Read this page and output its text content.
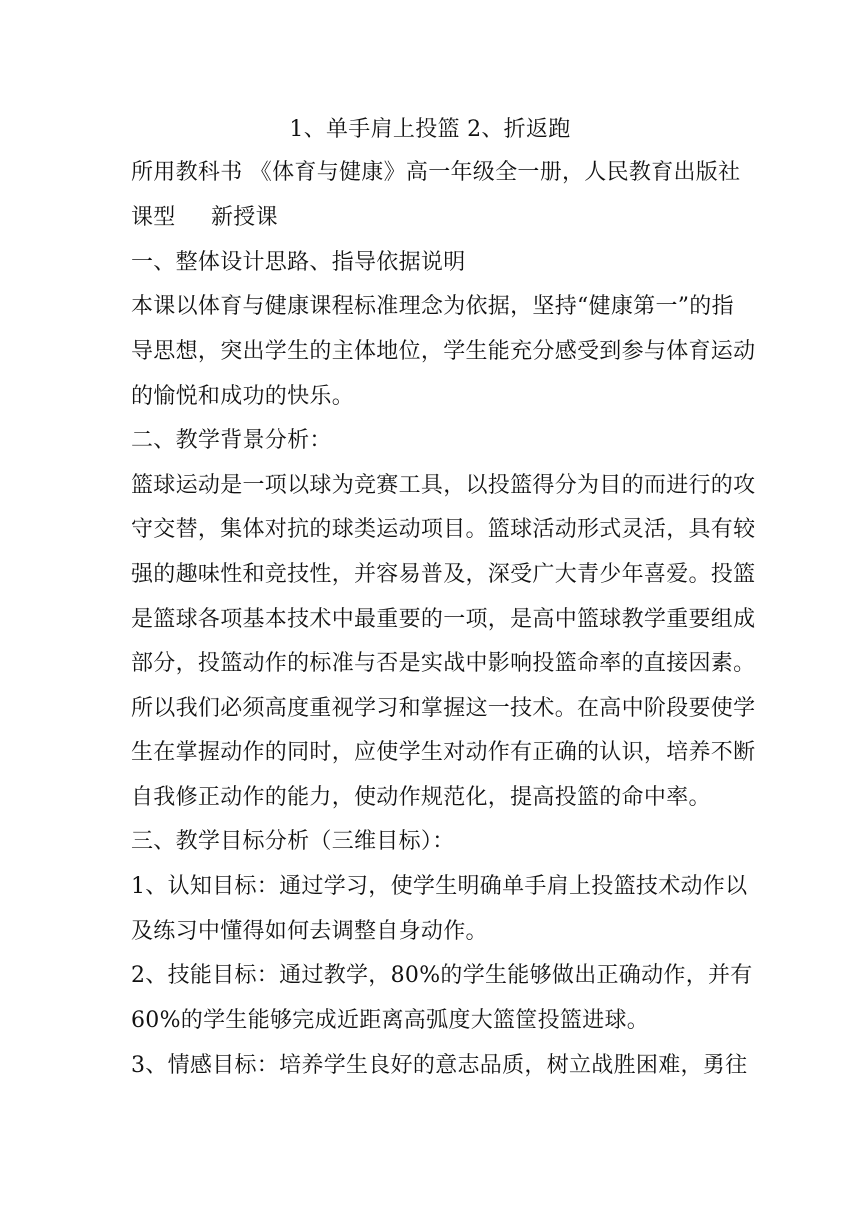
1、单手肩上投篮 2、折返跑
所用教科书 《体育与健康》高一年级全一册，人民教育出版社
课型 新授课
一、整体设计思路、指导依据说明
本课以体育与健康课程标准理念为依据，坚持“健康第一”的指
导思想，突出学生的主体地位，学生能充分感受到参与体育运动
的愉悦和成功的快乐。
二、教学背景分析：
篮球运动是一项以球为竞赛工具，以投篮得分为目的而进行的攻
守交替，集体对抗的球类运动项目。篮球活动形式灵活，具有较
强的趣味性和竞技性，并容易普及，深受广大青少年喜爱。投篮
是篮球各项基本技术中最重要的一项，是高中篮球教学重要组成
部分，投篮动作的标准与否是实战中影响投篮命率的直接因素。
所以我们必须高度重视学习和掌握这一技术。在高中阶段要使学
生在掌握动作的同时，应使学生对动作有正确的认识，培养不断
自我修正动作的能力，使动作规范化，提高投篮的命中率。
三、教学目标分析（三维目标）：
1、认知目标：通过学习，使学生明确单手肩上投篮技术动作以
及练习中懂得如何去调整自身动作。
2、技能目标：通过教学，80%的学生能够做出正确动作，并有
60%的学生能够完成近距离高弧度大篮筐投篮进球。
3、情感目标：培养学生良好的意志品质，树立战胜困难，勇往
